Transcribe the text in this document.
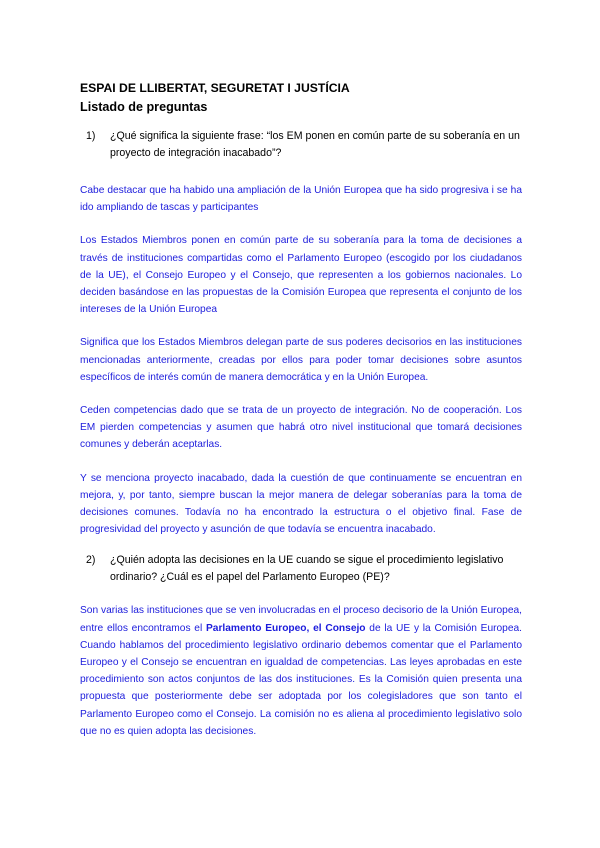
ESPAI DE LLIBERTAT, SEGURETAT I JUSTÍCIA
Listado de preguntas
1)	¿Qué significa la siguiente frase: “los EM ponen en común parte de su soberanía en un proyecto de integración inacabado”?

Cabe destacar que ha habido una ampliación de la Unión Europea que ha sido progresiva i se ha ido ampliando de tascas y participantes

Los Estados Miembros ponen en común parte de su soberanía para la toma de decisiones a través de instituciones compartidas como el Parlamento Europeo (escogido por los ciudadanos de la UE), el Consejo Europeo y el Consejo, que representen a los gobiernos nacionales. Lo deciden basándose en las propuestas de la Comisión Europea que representa el conjunto de los intereses de la Unión Europea

Significa que los Estados Miembros delegan parte de sus poderes decisorios en las instituciones mencionadas anteriormente, creadas por ellos para poder tomar decisiones sobre asuntos específicos de interés común de manera democrática y en la Unión Europea.

Ceden competencias dado que se trata de un proyecto de integración. No de cooperación. Los EM pierden competencias y asumen que habrá otro nivel institucional que tomará decisiones comunes y deberán aceptarlas.

Y se menciona proyecto inacabado, dada la cuestión de que continuamente se encuentran en mejora, y, por tanto, siempre buscan la mejor manera de delegar soberanías para la toma de decisiones comunes. Todavía no ha encontrado la estructura o el objetivo final. Fase de progresividad del proyecto y asunción de que todavía se encuentra inacabado.

2)	¿Quién adopta las decisiones en la UE cuando se sigue el procedimiento legislativo ordinario? ¿Cuál es el papel del Parlamento Europeo (PE)?

Son varias las instituciones que se ven involucradas en el proceso decisorio de la Unión Europea, entre ellos encontramos el Parlamento Europeo, el Consejo de la UE y la Comisión Europea. Cuando hablamos del procedimiento legislativo ordinario debemos comentar que el Parlamento Europeo y el Consejo se encuentran en igualdad de competencias. Las leyes aprobadas en este procedimiento son actos conjuntos de las dos instituciones. Es la Comisión quien presenta una propuesta que posteriormente debe ser adoptada por los colegisladores que son tanto el Parlamento Europeo como el Consejo. La comisión no es aliena al procedimiento legislativo solo que no es quien adopta las decisiones.
